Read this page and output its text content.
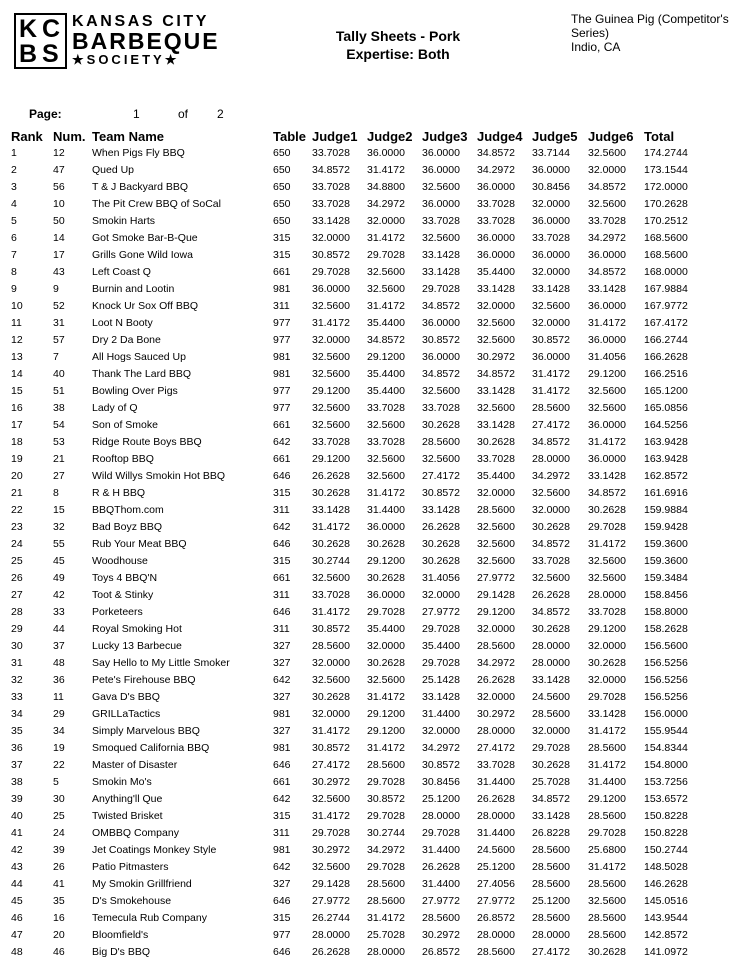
K C
B S
KANSAS CITY
BARBEQUE
★SOCIETY★
Tally Sheets - Pork
Expertise: Both
The Guinea Pig (Competitor's
Series)
Indio, CA
Page:	1	of 2
Rank Num. Team Name	Table Judge1 Judge2 Judge3 Judge4 Judge5 Judge6 Total
1	12	When Pigs Fly BBQ	650 33.7028 36.0000 36.0000 34.8572 33.7144 32.5600 174.2744
2	47	Qued Up	650 34.8572 31.4172 36.0000 34.2972 36.0000 32.0000 173.1544
3	56	T & J Backyard BBQ	650 33.7028 34.8800 32.5600 36.0000 30.8456 34.8572 172.0000
4	10	The Pit Crew BBQ of SoCal	650 33.7028 34.2972 36.0000 33.7028 32.0000 32.5600 170.2628
5	50	Smokin Harts	650 33.1428 32.0000 33.7028 33.7028 36.0000 33.7028 170.2512
6	14	Got Smoke Bar-B-Que	315 32.0000 31.4172 32.5600 36.0000 33.7028 34.2972 168.5600
7	17	Grills Gone Wild Iowa	315 30.8572 29.7028 33.1428 36.0000 36.0000 36.0000 168.5600
8	43	Left Coast Q	661 29.7028 32.5600 33.1428 35.4400 32.0000 34.8572 168.0000
9	9	Burnin and Lootin	981 36.0000 32.5600 29.7028 33.1428 33.1428 33.1428 167.9884
10	52	Knock Ur Sox Off BBQ	311 32.5600 31.4172 34.8572 32.0000 32.5600 36.0000 167.9772
11	31	Loot N Booty	977 31.4172 35.4400 36.0000 32.5600 32.0000 31.4172 167.4172
12	57	Dry 2 Da Bone	977 32.0000 34.8572 30.8572 32.5600 30.8572 36.0000 166.2744
13	7	All Hogs Sauced Up	981 32.5600 29.1200 36.0000 30.2972 36.0000 31.4056 166.2628
14	40	Thank The Lard BBQ	981 32.5600 35.4400 34.8572 34.8572 31.4172 29.1200 166.2516
15	51	Bowling Over Pigs	977 29.1200 35.4400 32.5600 33.1428 31.4172 32.5600 165.1200
16	38	Lady of Q	977 32.5600 33.7028 33.7028 32.5600 28.5600 32.5600 165.0856
17	54	Son of Smoke	661 32.5600 32.5600 30.2628 33.1428 27.4172 36.0000 164.5256
18	53	Ridge Route Boys BBQ	642 33.7028 33.7028 28.5600 30.2628 34.8572 31.4172 163.9428
19	21	Rooftop BBQ	661 29.1200 32.5600 32.5600 33.7028 28.0000 36.0000 163.9428
20	27	Wild Willys Smokin Hot BBQ	646 26.2628 32.5600 27.4172 35.4400 34.2972 33.1428 162.8572
21	8	R & H BBQ	315 30.2628 31.4172 30.8572 32.0000 32.5600 34.8572 161.6916
22	15	BBQThom.com	311 33.1428 31.4400 33.1428 28.5600 32.0000 30.2628 159.9884
23	32	Bad Boyz BBQ	642 31.4172 36.0000 26.2628 32.5600 30.2628 29.7028 159.9428
24	55	Rub Your Meat BBQ	646 30.2628 30.2628 30.2628 32.5600 34.8572 31.4172 159.3600
25	45	Woodhouse	315 30.2744 29.1200 30.2628 32.5600 33.7028 32.5600 159.3600
26	49	Toys 4 BBQ'N	661 32.5600 30.2628 31.4056 27.9772 32.5600 32.5600 159.3484
27	42	Toot & Stinky	311 33.7028 36.0000 32.0000 29.1428 26.2628 28.0000 158.8456
28	33	Porketeers	646 31.4172 29.7028 27.9772 29.1200 34.8572 33.7028 158.8000
29	44	Royal Smoking Hot	311 30.8572 35.4400 29.7028 32.0000 30.2628 29.1200 158.2628
30	37	Lucky 13 Barbecue	327 28.5600 32.0000 35.4400 28.5600 28.0000 32.0000 156.5600
31	48	Say Hello to My Little Smoker	327 32.0000 30.2628 29.7028 34.2972 28.0000 30.2628 156.5256
32	36	Pete's Firehouse BBQ	642 32.5600 32.5600 25.1428 26.2628 33.1428 32.0000 156.5256
33	11	Gava D's BBQ	327 30.2628 31.4172 33.1428 32.0000 24.5600 29.7028 156.5256
34	29	GRILLaTactics	981 32.0000 29.1200 31.4400 30.2972 28.5600 33.1428 156.0000
35	34	Simply Marvelous BBQ	327 31.4172 29.1200 32.0000 28.0000 32.0000 31.4172 155.9544
36	19	Smoqued California BBQ	981 30.8572 31.4172 34.2972 27.4172 29.7028 28.5600 154.8344
37	22	Master of Disaster	646 27.4172 28.5600 30.8572 33.7028 30.2628 31.4172 154.8000
38	5	Smokin Mo's	661 30.2972 29.7028 30.8456 31.4400 25.7028 31.4400 153.7256
39	30	Anything'll Que	642 32.5600 30.8572 25.1200 26.2628 34.8572 29.1200 153.6572
40	25	Twisted Brisket	315 31.4172 29.7028 28.0000 28.0000 33.1428 28.5600 150.8228
41	24	OMBBQ Company	311 29.7028 30.2744 29.7028 31.4400 26.8228 29.7028 150.8228
42	39	Jet Coatings Monkey Style	981 30.2972 34.2972 31.4400 24.5600 28.5600 25.6800 150.2744
43	26	Patio Pitmasters	642 32.5600 29.7028 26.2628 25.1200 28.5600 31.4172 148.5028
44	41	My Smokin Grillfriend	327 29.1428 28.5600 31.4400 27.4056 28.5600 28.5600 146.2628
45	35	D's Smokehouse	646 27.9772 28.5600 27.9772 27.9772 25.1200 32.5600 145.0516
46	16	Temecula Rub Company	315 26.2744 31.4172 28.5600 26.8572 28.5600 28.5600 143.9544
47	20	Bloomfield's	977 28.0000 25.7028 30.2972 28.0000 28.0000 28.5600 142.8572
48	46	Big D's BBQ	646 26.2628 28.0000 26.8572 28.5600 27.4172 30.2628 141.0972
